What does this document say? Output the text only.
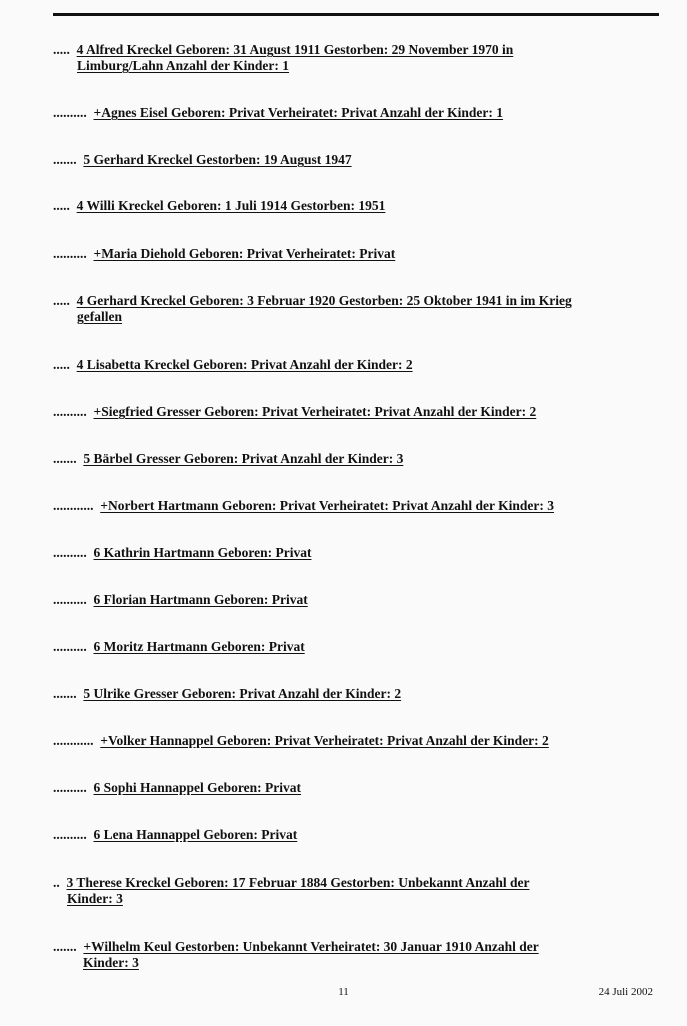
..... 4 Alfred Kreckel Geboren: 31 August 1911 Gestorben: 29 November 1970 in
Limburg/Lahn Anzahl der Kinder: 1
.......... +Agnes Eisel Geboren: Privat Verheiratet: Privat Anzahl der Kinder: 1
....... 5 Gerhard Kreckel Gestorben: 19 August 1947
..... 4 Willi Kreckel Geboren: 1 Juli 1914 Gestorben: 1951
.......... +Maria Diehold Geboren: Privat Verheiratet: Privat
..... 4 Gerhard Kreckel Geboren: 3 Februar 1920 Gestorben: 25 Oktober 1941 in im Krieg
gefallen
..... 4 Lisabetta Kreckel Geboren: Privat Anzahl der Kinder: 2
.......... +Siegfried Gresser Geboren: Privat Verheiratet: Privat Anzahl der Kinder: 2
....... 5 Bärbel Gresser Geboren: Privat Anzahl der Kinder: 3
............ +Norbert Hartmann Geboren: Privat Verheiratet: Privat Anzahl der Kinder: 3
.......... 6 Kathrin Hartmann Geboren: Privat
.......... 6 Florian Hartmann Geboren: Privat
.......... 6 Moritz Hartmann Geboren: Privat
....... 5 Ulrike Gresser Geboren: Privat Anzahl der Kinder: 2
............ +Volker Hannappel Geboren: Privat Verheiratet: Privat Anzahl der Kinder: 2
.......... 6 Sophi Hannappel Geboren: Privat
.......... 6 Lena Hannappel Geboren: Privat
.. 3 Therese Kreckel Geboren: 17 Februar 1884 Gestorben: Unbekannt Anzahl der
Kinder: 3
....... +Wilhelm Keul Gestorben: Unbekannt Verheiratet: 30 Januar 1910 Anzahl der
Kinder: 3
11	24 Juli 2002
